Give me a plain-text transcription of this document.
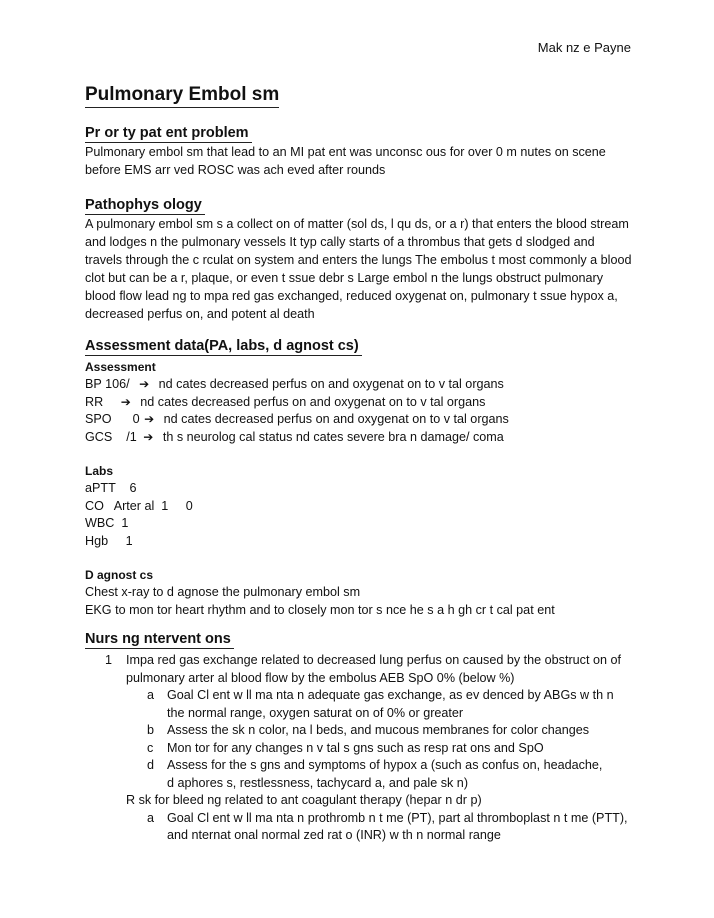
Mak nz e Payne
Pulmonary Embol sm
Pr or ty pat ent problem

Pulmonary embol sm that lead to an MI pat ent was unconsc ous for over 0 m nutes on scene before EMS arr ved ROSC was ach eved after rounds

Pathophys ology

A pulmonary embol sm s a collect on of matter (sol ds, l qu ds, or a r) that enters the blood stream and lodges n the pulmonary vessels It typ cally starts of a thrombus that gets d slodged and travels through the c rculat on system and enters the lungs The embolus t most commonly a blood clot but can be a r, plaque, or even t ssue debr s Large embol n the lungs obstruct pulmonary blood flow lead ng to mpa red gas exchanged, reduced oxygenat on, pulmonary t ssue hypox a, decreased perfus on, and potent al death

Assessment data(PA, labs, d agnost cs)

Assessment

BP 106/ ➔ nd cates decreased perfus on and oxygenat on to v tal organs
RR ➔ nd cates decreased perfus on and oxygenat on to v tal organs
SPO      0 ➔ nd cates decreased perfus on and oxygenat on to v tal organs
GCS    /1 ➔ th s neurolog cal status nd cates severe bra n damage/ coma

Labs

aPTT    6
CO   Arter al  1     0
WBC  1
Hgb     1

D agnost cs

Chest x-ray to d agnose the pulmonary embol sm
EKG to mon tor heart rhythm and to closely mon tor s nce he s a h gh cr t cal pat ent
Nurs ng ntervent ons
1 Impa red gas exchange related to decreased lung perfus on caused by the obstruct on of pulmonary arter al blood flow by the embolus AEB SpO 0% (below %)
a Goal Cl ent w ll ma nta n adequate gas exchange, as ev denced by ABGs w th n the normal range, oxygen saturat on of 0% or greater
b Assess the sk n color, na l beds, and mucous membranes for color changes
c Mon tor for any changes n v tal s gns such as resp rat ons and SpO
d Assess for the s gns and symptoms of hypox a (such as confus on, headache, d aphores s, restlessness, tachycard a, and pale sk n)
R sk for bleed ng related to ant coagulant therapy (hepar n dr p)
a Goal Cl ent w ll ma nta n prothromb n t me (PT), part al thromboplast n t me (PTT), and nternat onal normal zed rat o (INR) w th n normal range
